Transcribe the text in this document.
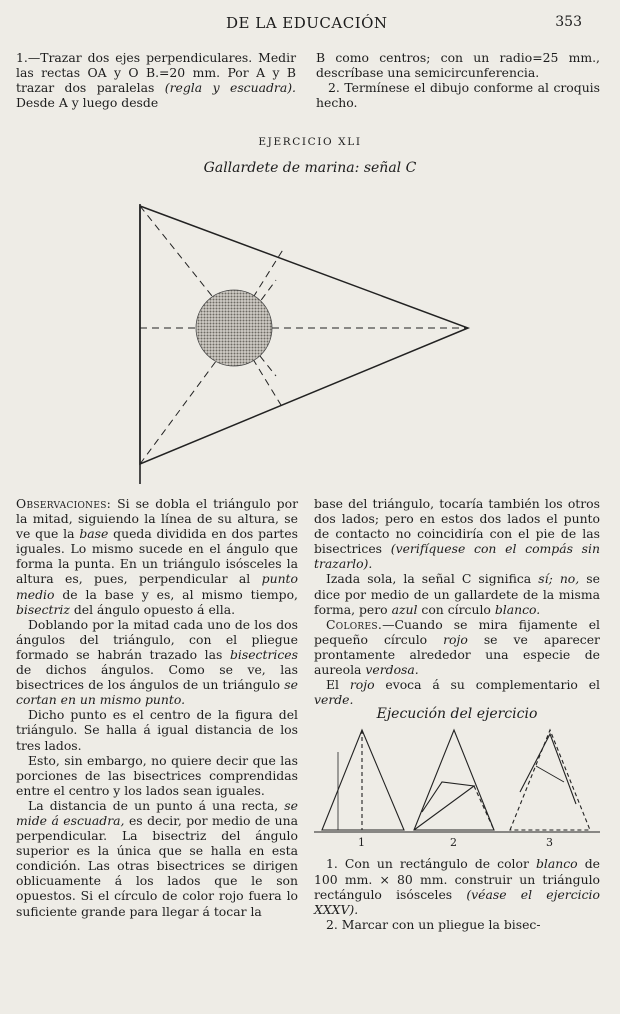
DE LA EDUCACIÓN	353

1.—Trazar dos ejes perpendiculares. Medir las rectas OA y O B.=20 mm. Por A y B trazar dos paralelas (regla y escuadra). Desde A y luego desde

B como centros; con un radio=25 mm., descríbase una semicircunferencia.

2. Termínese el dibujo conforme al croquis hecho.

EJERCICIO XLI
Gallardete de marina: señal C

Observaciones: Si se dobla el triángulo por la mitad, siguiendo la línea de su altura, se ve que la base queda dividida en dos partes iguales. Lo mismo sucede en el ángulo que forma la punta. En un triángulo isósceles la altura es, pues, perpendicular al punto medio de la base y es, al mismo tiempo, bisectriz del ángulo opuesto á ella.

Doblando por la mitad cada uno de los dos ángulos del triángulo, con el pliegue formado se habrán trazado las bisectrices de dichos ángulos. Como se ve, las bisectrices de los ángulos de un triángulo se cortan en un mismo punto.

Dicho punto es el centro de la figura del triángulo. Se halla á igual distancia de los tres lados.

Esto, sin embargo, no quiere decir que las porciones de las bisectrices comprendidas entre el centro y los lados sean iguales.

La distancia de un punto á una recta, se mide á escuadra, es decir, por medio de una perpendicular. La bisectriz del ángulo superior es la única que se halla en esta condición. Las otras bisectrices se dirigen oblicuamente á los lados que le son opuestos. Si el círculo de color rojo fuera lo suficiente grande para llegar á tocar la

base del triángulo, tocaría también los otros dos lados; pero en estos dos lados el punto de contacto no coincidiría con el pie de las bisectrices (verifíquese con el compás sin trazarlo).

Izada sola, la señal C significa sí; no, se dice por medio de un gallardete de la misma forma, pero azul con círculo blanco.

Colores.—Cuando se mira fijamente el pequeño círculo rojo se ve aparecer prontamente alrededor una especie de aureola verdosa.

El rojo evoca á su complementario el verde.

Ejecución del ejercicio

1	2	3

1. Con un rectángulo de color blanco de 100 mm. × 80 mm. construir un triángulo rectángulo isósceles (véase el ejercicio XXXV).

2. Marcar con un pliegue la bisec-
